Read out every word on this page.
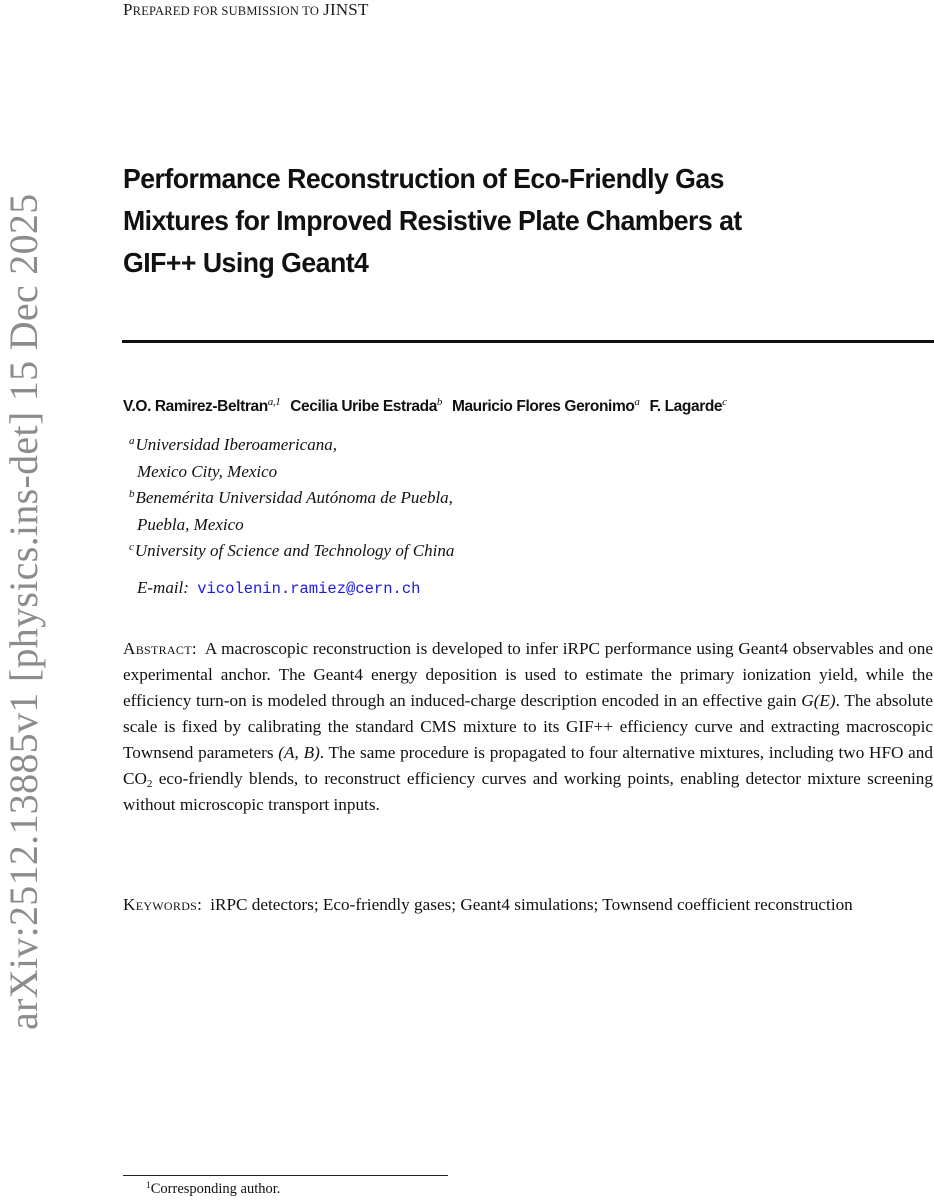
PREPARED FOR SUBMISSION TO JINST
arXiv:2512.13885v1 [physics.ins-det] 15 Dec 2025
Performance Reconstruction of Eco-Friendly Gas
Mixtures for Improved Resistive Plate Chambers at
GIF++ Using Geant4
V.O. Ramirez-Beltran$^{a,1}$ Cecilia Uribe Estrada$^b$ Mauricio Flores Geronimo$^a$ F. Lagarde$^c$
$^a$Universidad Iberoamericana,
Mexico City, Mexico
$^b$Benemérita Universidad Autónoma de Puebla,
Puebla, Mexico
$^c$University of Science and Technology of China
E-mail: vicolenin.ramiez@cern.ch
Abstract: A macroscopic reconstruction is developed to infer iRPC performance using Geant4 observables and one experimental anchor. The Geant4 energy deposition is used to estimate the primary ionization yield, while the efficiency turn-on is modeled through an induced-charge description encoded in an effective gain G(E). The absolute scale is fixed by calibrating the standard CMS mixture to its GIF++ efficiency curve and extracting macroscopic Townsend parameters (A, B). The same procedure is propagated to four alternative mixtures, including two HFO and $CO_2$ eco-friendly blends, to reconstruct efficiency curves and working points, enabling detector mixture screening without microscopic transport inputs.
Keywords: iRPC detectors; Eco-friendly gases; Geant4 simulations; Townsend coefficient reconstruction
$^1$Corresponding author.
